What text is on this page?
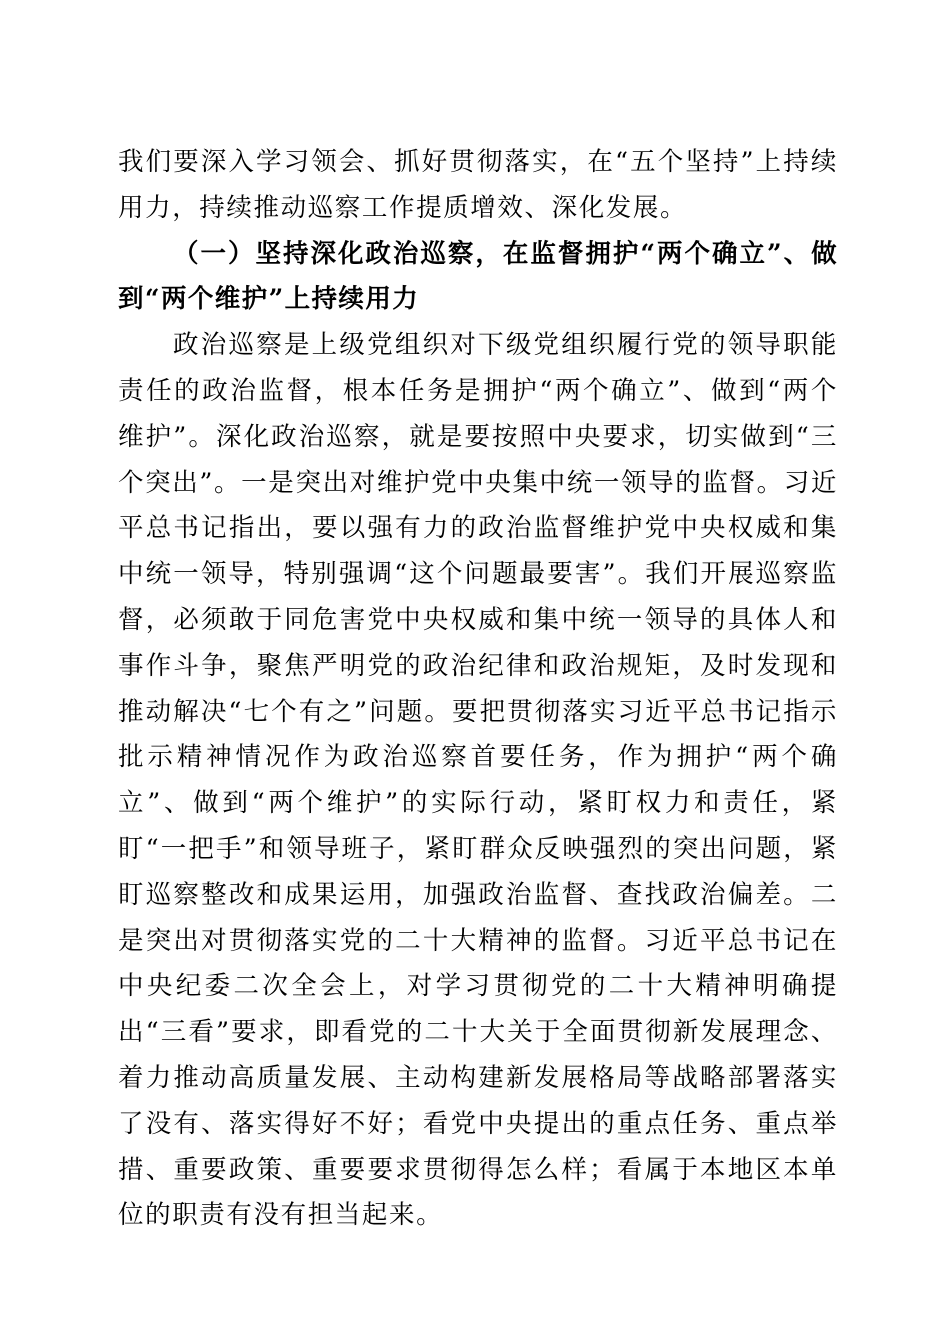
我们要深入学习领会、抓好贯彻落实，在“五个坚持”上持续用力，持续推动巡察工作提质增效、深化发展。

（一）坚持深化政治巡察，在监督拥护“两个确立”、做到“两个维护”上持续用力

政治巡察是上级党组织对下级党组织履行党的领导职能责任的政治监督，根本任务是拥护“两个确立”、做到“两个维护”。深化政治巡察，就是要按照中央要求，切实做到“三个突出”。一是突出对维护党中央集中统一领导的监督。习近平总书记指出，要以强有力的政治监督维护党中央权威和集中统一领导，特别强调“这个问题最要害”。我们开展巡察监督，必须敢于同危害党中央权威和集中统一领导的具体人和事作斗争，聚焦严明党的政治纪律和政治规矩，及时发现和推动解决“七个有之”问题。要把贯彻落实习近平总书记指示批示精神情况作为政治巡察首要任务，作为拥护“两个确立”、做到“两个维护”的实际行动，紧盯权力和责任，紧盯“一把手”和领导班子，紧盯群众反映强烈的突出问题，紧盯巡察整改和成果运用，加强政治监督、查找政治偏差。二是突出对贯彻落实党的二十大精神的监督。习近平总书记在中央纪委二次全会上，对学习贯彻党的二十大精神明确提出“三看”要求，即看党的二十大关于全面贯彻新发展理念、着力推动高质量发展、主动构建新发展格局等战略部署落实了没有、落实得好不好；看党中央提出的重点任务、重点举措、重要政策、重要要求贯彻得怎么样；看属于本地区本单位的职责有没有担当起来。
